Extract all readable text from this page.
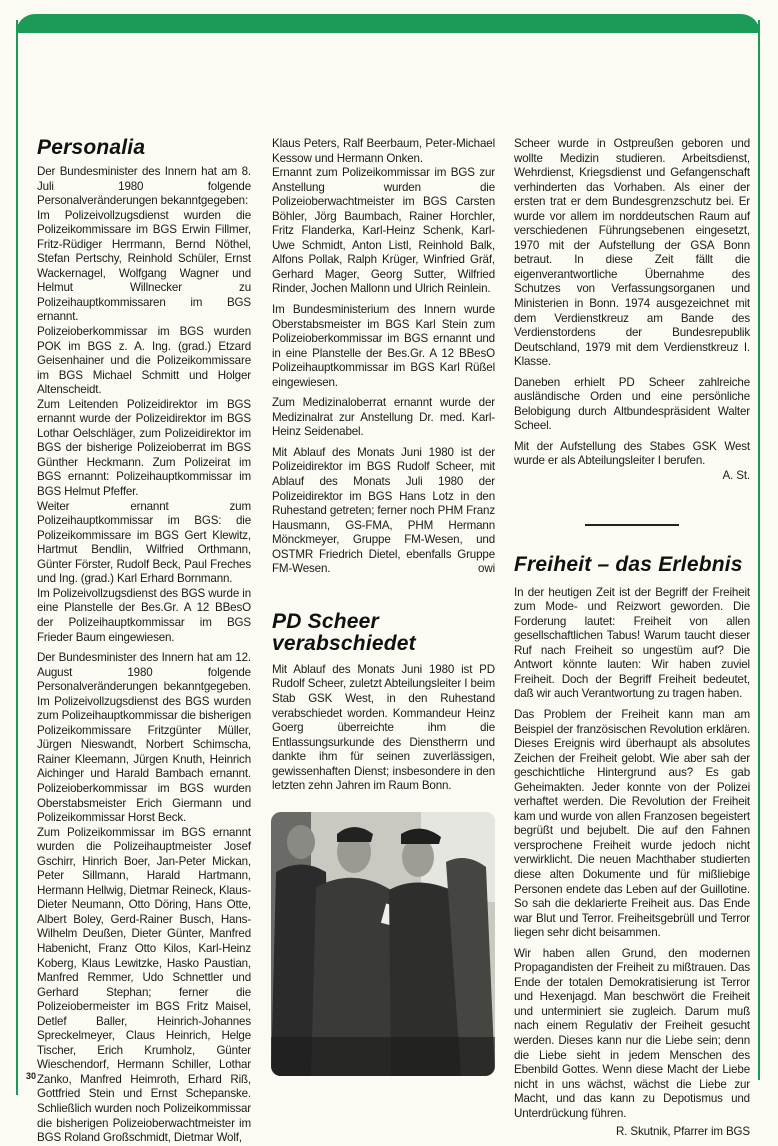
Personalia

Der Bundesminister des Innern hat am 8. Juli 1980 folgende Personalveränderungen bekanntgegeben:

Im Polizeivollzugsdienst wurden die Polizeikommissare im BGS Erwin Fillmer, Fritz-Rüdiger Herrmann, Bernd Nöthel, Stefan Pertschy, Reinhold Schüler, Ernst Wackernagel, Wolfgang Wagner und Helmut Willnecker zu Polizeihauptkommissaren im BGS ernannt.

Polizeioberkommissar im BGS wurden POK im BGS z. A. Ing. (grad.) Etzard Geisenhainer und die Polizeikommissare im BGS Michael Schmitt und Holger Altenscheidt.

Zum Leitenden Polizeidirektor im BGS ernannt wurde der Polizeidirektor im BGS Lothar Oelschläger, zum Polizeidirektor im BGS der bisherige Polizeioberrat im BGS Günther Heckmann. Zum Polizeirat im BGS ernannt: Polizeihauptkommissar im BGS Helmut Pfeffer.

Weiter ernannt zum Polizeihauptkommissar im BGS: die Polizeikommissare im BGS Gert Klewitz, Hartmut Bendlin, Wilfried Orthmann, Günter Förster, Rudolf Beck, Paul Freches und Ing. (grad.) Karl Erhard Bornmann.

Im Polizeivollzugsdienst des BGS wurde in eine Planstelle der Bes.Gr. A 12 BBesO der Polizeihauptkommissar im BGS Frieder Baum eingewiesen.

Der Bundesminister des Innern hat am 12. August 1980 folgende Personalveränderungen bekanntgegeben. Im Polizeivollzugsdienst des BGS wurden zum Polizeihauptkommissar die bisherigen Polizeikommissare Fritzgünter Müller, Jürgen Nieswandt, Norbert Schimscha, Rainer Kleemann, Jürgen Knuth, Heinrich Aichinger und Harald Bambach ernannt. Polizeioberkommissar im BGS wurden Oberstabsmeister Erich Giermann und Polizeikommissar Horst Beck.

Zum Polizeikommissar im BGS ernannt wurden die Polizeihauptmeister Josef Gschirr, Hinrich Boer, Jan-Peter Mickan, Peter Sillmann, Harald Hartmann, Hermann Hellwig, Dietmar Reineck, Klaus-Dieter Neumann, Otto Döring, Hans Otte, Albert Boley, Gerd-Rainer Busch, Hans-Wilhelm Deußen, Dieter Günter, Manfred Habenicht, Franz Otto Kilos, Karl-Heinz Koberg, Klaus Lewitzke, Hasko Paustian, Manfred Remmer, Udo Schnettler und Gerhard Stephan; ferner die Polizeiobermeister im BGS Fritz Maisel, Detlef Baller, Heinrich-Johannes Spreckelmeyer, Claus Heinrich, Helge Tischer, Erich Krumholz, Günter Wieschendorf, Hermann Schiller, Lothar Zanko, Manfred Heimroth, Erhard Riß, Gottfried Stein und Ernst Schepanske. Schließlich wurden noch Polizeikommissar die bisherigen Polizeioberwachtmeister im BGS Roland Großschmidt, Dietmar Wolf,

Klaus Peters, Ralf Beerbaum, Peter-Michael Kessow und Hermann Onken.

Ernannt zum Polizeikommissar im BGS zur Anstellung wurden die Polizeioberwachtmeister im BGS Carsten Böhler, Jörg Baumbach, Rainer Horchler, Fritz Flanderka, Karl-Heinz Schenk, Karl-Uwe Schmidt, Anton Listl, Reinhold Balk, Alfons Pollak, Ralph Krüger, Winfried Gräf, Gerhard Mager, Georg Sutter, Wilfried Rinder, Jochen Mallonn und Ulrich Reinlein.

Im Bundesministerium des Innern wurde Oberstabsmeister im BGS Karl Stein zum Polizeioberkommissar im BGS ernannt und in eine Planstelle der Bes.Gr. A 12 BBesO Polizeihauptkommissar im BGS Karl Rüßel eingewiesen.

Zum Medizinaloberrat ernannt wurde der Medizinalrat zur Anstellung Dr. med. Karl-Heinz Seidenabel.

Mit Ablauf des Monats Juni 1980 ist der Polizeidirektor im BGS Rudolf Scheer, mit Ablauf des Monats Juli 1980 der Polizeidirektor im BGS Hans Lotz in den Ruhestand getreten; ferner noch PHM Franz Hausmann, GS-FMA, PHM Hermann Mönckmeyer, Gruppe FM-Wesen, und OSTMR Friedrich Dietel, ebenfalls Gruppe FM-Wesen.	owi

PD Scheer
verabschiedet

Mit Ablauf des Monats Juni 1980 ist PD Rudolf Scheer, zuletzt Abteilungsleiter I beim Stab GSK West, in den Ruhestand verabschiedet worden. Kommandeur Heinz Goerg überreichte ihm die Entlassungsurkunde des Dienstherrn und dankte ihm für seinen zuverlässigen, gewissenhaften Dienst; insbesondere in den letzten zehn Jahren im Raum Bonn.

Scheer wurde in Ostpreußen geboren und wollte Medizin studieren. Arbeitsdienst, Wehrdienst, Kriegsdienst und Gefangenschaft verhinderten das Vorhaben. Als einer der ersten trat er dem Bundesgrenzschutz bei. Er wurde vor allem im norddeutschen Raum auf verschiedenen Führungsebenen eingesetzt, 1970 mit der Aufstellung der GSA Bonn betraut. In diese Zeit fällt die eigenverantwortliche Übernahme des Schutzes von Verfassungsorganen und Ministerien in Bonn. 1974 ausgezeichnet mit dem Verdienstkreuz am Bande des Verdienstordens der Bundesrepublik Deutschland, 1979 mit dem Verdienstkreuz I. Klasse.

Daneben erhielt PD Scheer zahlreiche ausländische Orden und eine persönliche Belobigung durch Altbundespräsident Walter Scheel.

Mit der Aufstellung des Stabes GSK West wurde er als Abteilungsleiter I berufen.

A. St.

Freiheit – das Erlebnis

In der heutigen Zeit ist der Begriff der Freiheit zum Mode- und Reizwort geworden. Die Forderung lautet: Freiheit von allen gesellschaftlichen Tabus! Warum taucht dieser Ruf nach Freiheit so ungestüm auf? Die Antwort könnte lauten: Wir haben zuviel Freiheit. Doch der Begriff Freiheit bedeutet, daß wir auch Verantwortung zu tragen haben.

Das Problem der Freiheit kann man am Beispiel der französischen Revolution erklären. Dieses Ereignis wird überhaupt als absolutes Zeichen der Freiheit gelobt. Wie aber sah der geschichtliche Hintergrund aus? Es gab Geheimakten. Jeder konnte von der Polizei verhaftet werden. Die Revolution der Freiheit kam und wurde von allen Franzosen begeistert begrüßt und bejubelt. Die auf den Fahnen versprochene Freiheit wurde jedoch nicht verwirklicht. Die neuen Machthaber studierten diese alten Dokumente und für mißliebige Personen endete das Leben auf der Guillotine. So sah die deklarierte Freiheit aus. Das Ende war Blut und Terror. Freiheitsgebrüll und Terror liegen sehr dicht beisammen.

Wir haben allen Grund, den modernen Propagandisten der Freiheit zu mißtrauen. Das Ende der totalen Demokratisierung ist Terror und Hexenjagd. Man beschwört die Freiheit und unterminiert sie zugleich. Darum muß nach einem Regulativ der Freiheit gesucht werden. Dieses kann nur die Liebe sein; denn die Liebe sieht in jedem Menschen des Ebenbild Gottes. Wenn diese Macht der Liebe nicht in uns wächst, wächst die Liebe zur Macht, und das kann zu Depotismus und Unterdrückung führen.

R. Skutnik, Pfarrer im BGS

30
